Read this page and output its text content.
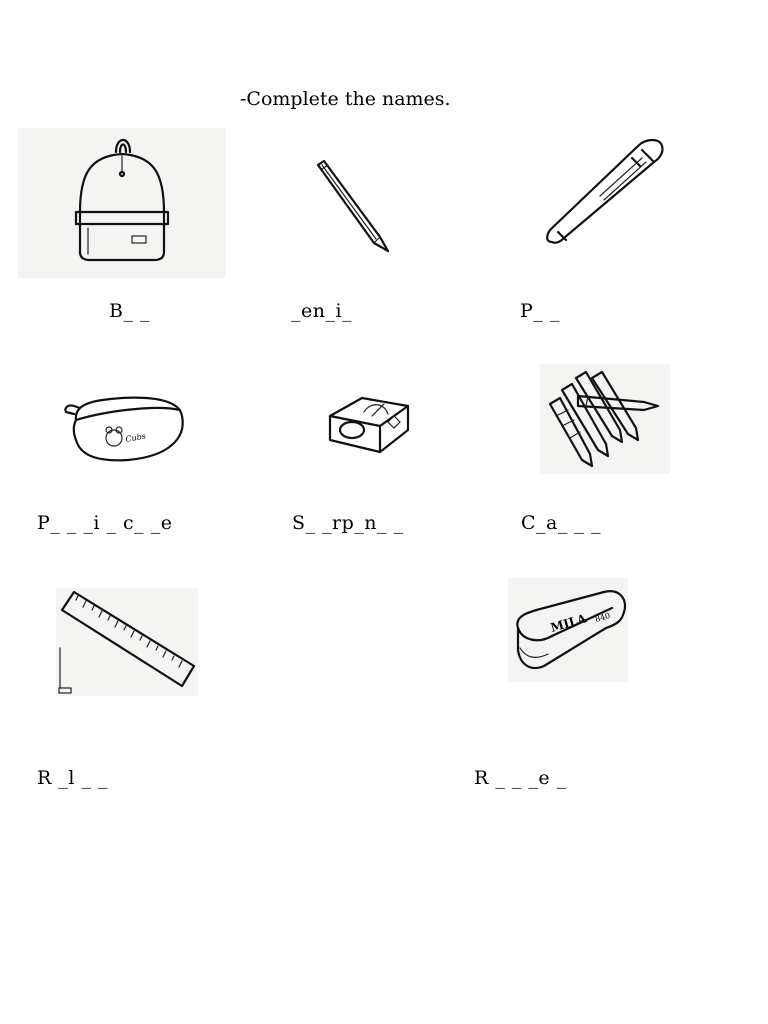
-Complete the names.
Cubs
MILA 840
B_ _	_en_i_	P_ _
P_ _ _i _ c_ _e	S_ _rp_n_ _	C_a_ _ _
R _l _ _	R _ _ _e _
